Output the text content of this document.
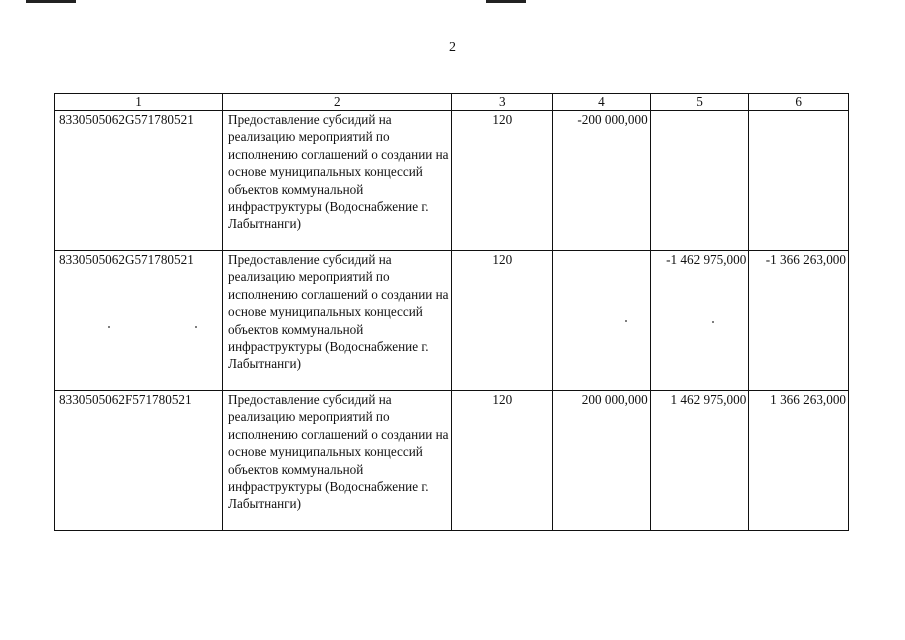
2
1	2	3	4	5	6
8330505062G571780521	Предоставление субсидий на реализацию мероприятий по исполнению соглашений о создании на основе муниципальных концессий объектов коммунальной инфраструктуры (Водоснабжение г. Лабытнанги)	120	-200 000,000		
8330505062G571780521	Предоставление субсидий на реализацию мероприятий по исполнению соглашений о создании на основе муниципальных концессий объектов коммунальной инфраструктуры (Водоснабжение г. Лабытнанги)	120		-1 462 975,000	-1 366 263,000
8330505062F571780521	Предоставление субсидий на реализацию мероприятий по исполнению соглашений о создании на основе муниципальных концессий объектов коммунальной инфраструктуры (Водоснабжение г. Лабытнанги)	120	200 000,000	1 462 975,000	1 366 263,000
